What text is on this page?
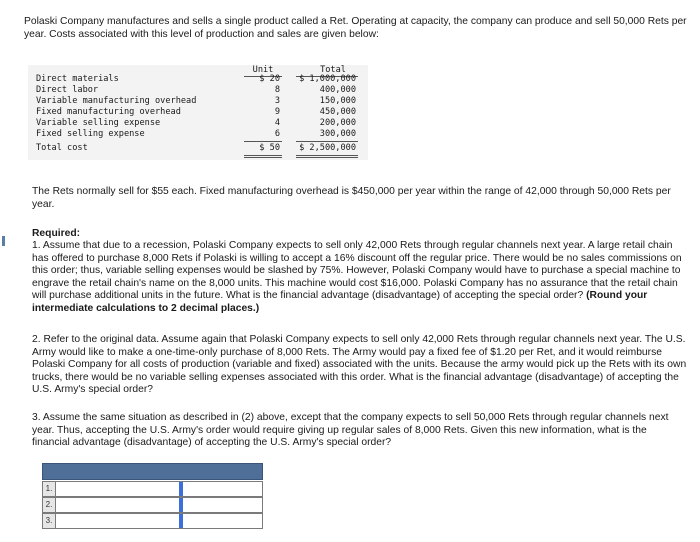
Polaski Company manufactures and sells a single product called a Ret. Operating at capacity, the company can produce and sell 50,000 Rets per year. Costs associated with this level of production and sales are given below:
Unit	Total
Direct materials	$ 20	$ 1,000,000
Direct labor	8	400,000
Variable manufacturing overhead	3	150,000
Fixed manufacturing overhead	9	450,000
Variable selling expense	4	200,000
Fixed selling expense	6	300,000
Total cost	$ 50	$ 2,500,000
The Rets normally sell for $55 each. Fixed manufacturing overhead is $450,000 per year within the range of 42,000 through 50,000 Rets per year.
Required:
1. Assume that due to a recession, Polaski Company expects to sell only 42,000 Rets through regular channels next year. A large retail chain has offered to purchase 8,000 Rets if Polaski is willing to accept a 16% discount off the regular price. There would be no sales commissions on this order; thus, variable selling expenses would be slashed by 75%. However, Polaski Company would have to purchase a special machine to engrave the retail chain's name on the 8,000 units. This machine would cost $16,000. Polaski Company has no assurance that the retail chain will purchase additional units in the future. What is the financial advantage (disadvantage) of accepting the special order? (Round your intermediate calculations to 2 decimal places.)
2. Refer to the original data. Assume again that Polaski Company expects to sell only 42,000 Rets through regular channels next year. The U.S. Army would like to make a one-time-only purchase of 8,000 Rets. The Army would pay a fixed fee of $1.20 per Ret, and it would reimburse Polaski Company for all costs of production (variable and fixed) associated with the units. Because the army would pick up the Rets with its own trucks, there would be no variable selling expenses associated with this order. What is the financial advantage (disadvantage) of accepting the U.S. Army's special order?
3. Assume the same situation as described in (2) above, except that the company expects to sell 50,000 Rets through regular channels next year. Thus, accepting the U.S. Army's order would require giving up regular sales of 8,000 Rets. Given this new information, what is the financial advantage (disadvantage) of accepting the U.S. Army's special order?
1.
2.
3.
